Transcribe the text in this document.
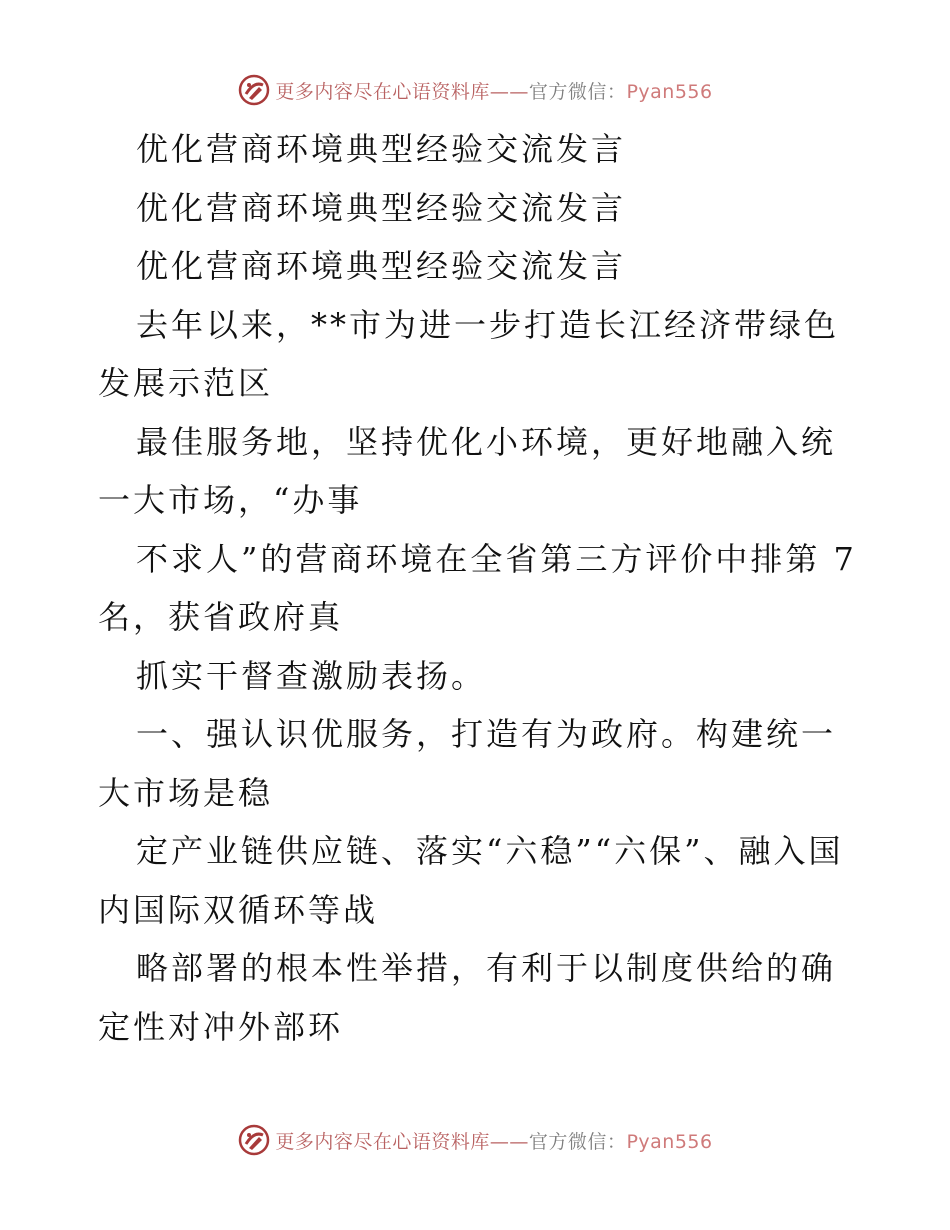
更多内容尽在心语资料库——官方微信：Pyan556

优化营商环境典型经验交流发言

优化营商环境典型经验交流发言

优化营商环境典型经验交流发言

去年以来，**市为进一步打造长江经济带绿色发展示范区

最佳服务地，坚持优化小环境，更好地融入统一大市场，“办事

不求人”的营商环境在全省第三方评价中排第 7 名，获省政府真

抓实干督查激励表扬。

一、强认识优服务，打造有为政府。构建统一大市场是稳

定产业链供应链、落实“六稳”“六保”、融入国内国际双循环等战

略部署的根本性举措，有利于以制度供给的确定性对冲外部环

更多内容尽在心语资料库——官方微信：Pyan556
